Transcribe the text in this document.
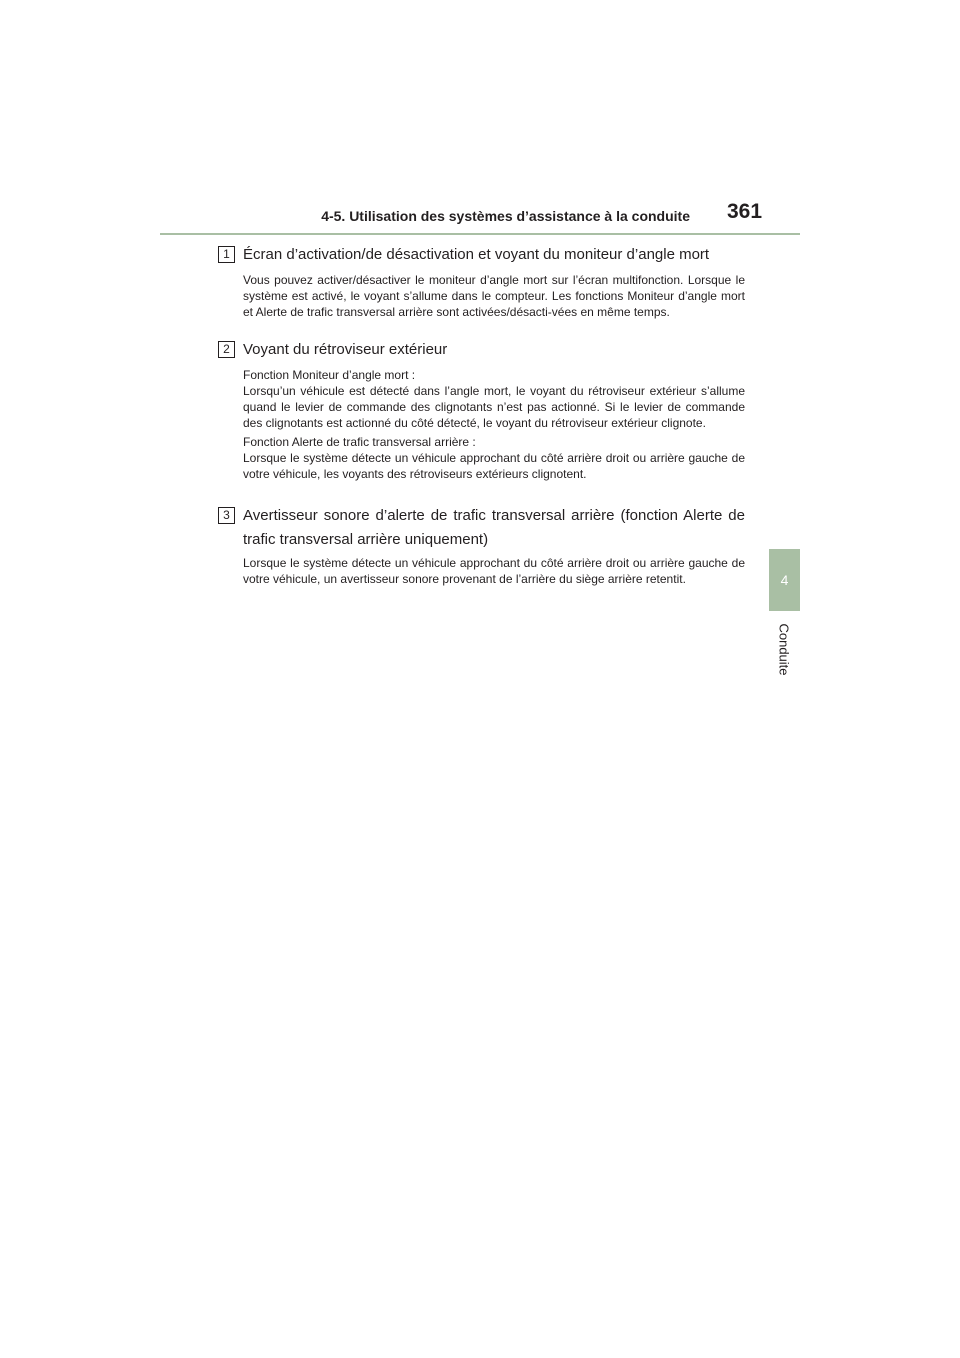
4-5. Utilisation des systèmes d’assistance à la conduite 361
4
Conduite
1 Écran d’activation/de désactivation et voyant du moniteur d’angle mort

Vous pouvez activer/désactiver le moniteur d’angle mort sur l’écran multifonction. Lorsque le système est activé, le voyant s’allume dans le compteur. Les fonctions Moniteur d’angle mort et Alerte de trafic transversal arrière sont activées/désacti-vées en même temps.

2 Voyant du rétroviseur extérieur

Fonction Moniteur d’angle mort :

Lorsqu’un véhicule est détecté dans l’angle mort, le voyant du rétroviseur extérieur s’allume quand le levier de commande des clignotants n’est pas actionné. Si le levier de commande des clignotants est actionné du côté détecté, le voyant du rétroviseur extérieur clignote.

Fonction Alerte de trafic transversal arrière :

Lorsque le système détecte un véhicule approchant du côté arrière droit ou arrière gauche de votre véhicule, les voyants des rétroviseurs extérieurs clignotent.

3 Avertisseur sonore d’alerte de trafic transversal arrière (fonction Alerte de trafic transversal arrière uniquement)

Lorsque le système détecte un véhicule approchant du côté arrière droit ou arrière gauche de votre véhicule, un avertisseur sonore provenant de l’arrière du siège arrière retentit.
